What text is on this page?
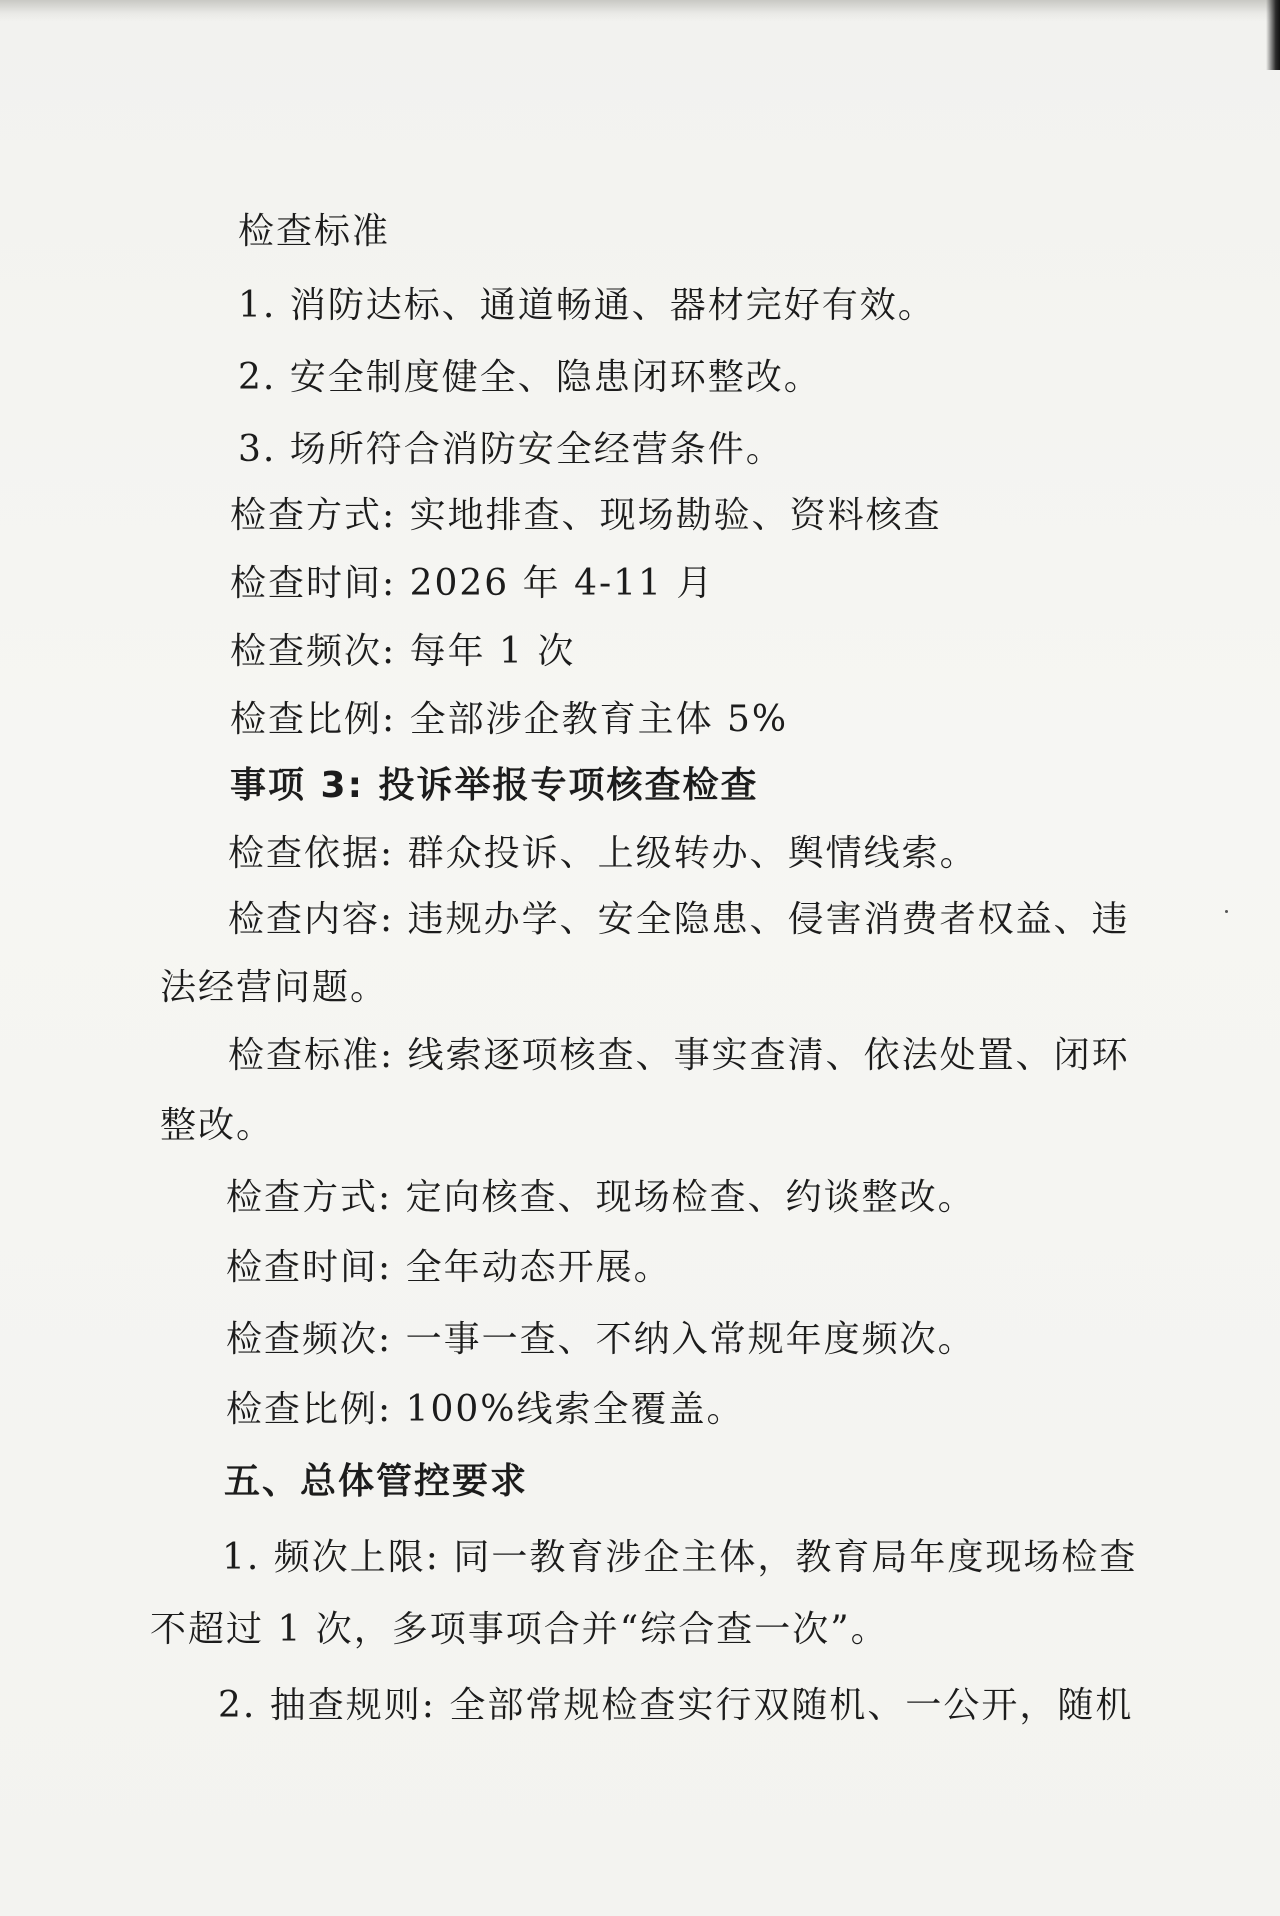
检查标准

1. 消防达标、通道畅通、器材完好有效。

2. 安全制度健全、隐患闭环整改。

3. 场所符合消防安全经营条件。

检查方式: 实地排查、现场勘验、资料核查

检查时间: 2026 年 4-11 月

检查频次: 每年 1 次

检查比例: 全部涉企教育主体 5%

事项 3: 投诉举报专项核查检查

检查依据: 群众投诉、上级转办、舆情线索。

检查内容: 违规办学、安全隐患、侵害消费者权益、违

法经营问题。

检查标准: 线索逐项核查、事实查清、依法处置、闭环

整改。

检查方式: 定向核查、现场检查、约谈整改。

检查时间: 全年动态开展。

检查频次: 一事一查、不纳入常规年度频次。

检查比例: 100%线索全覆盖。

五、总体管控要求

1. 频次上限: 同一教育涉企主体，教育局年度现场检查

不超过 1 次，多项事项合并“综合查一次”。

2. 抽查规则: 全部常规检查实行双随机、一公开，随机
